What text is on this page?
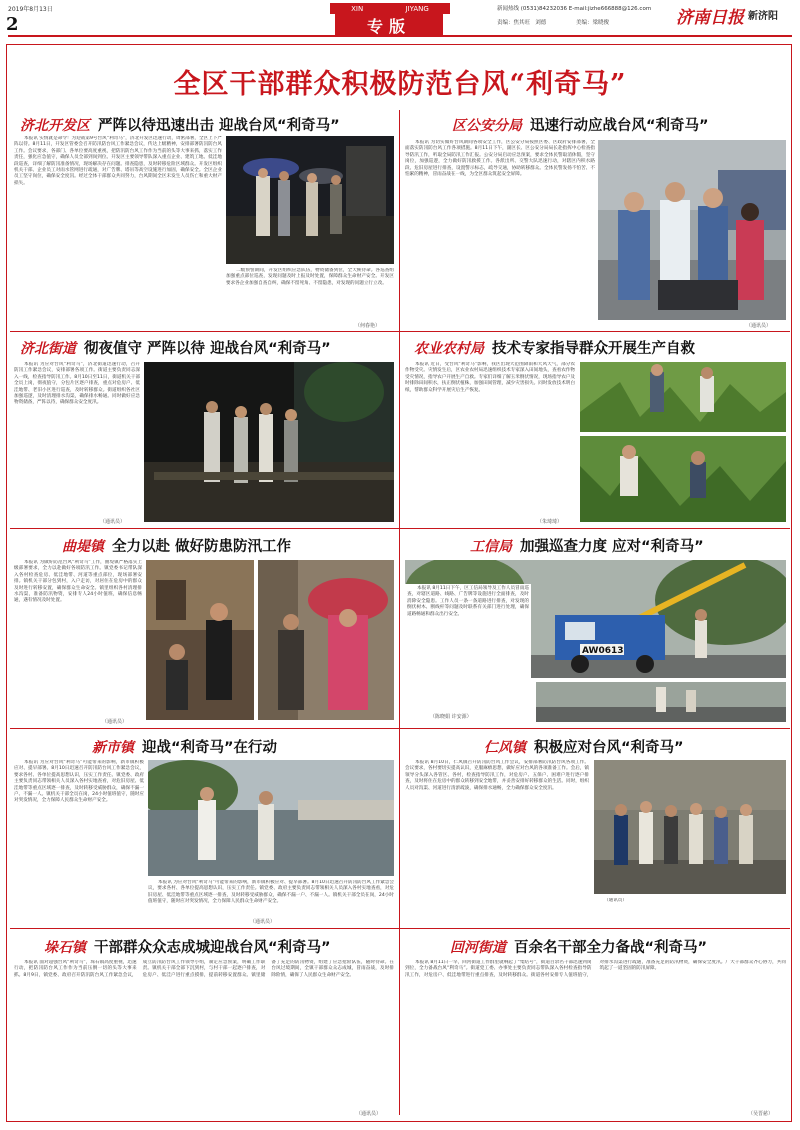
2019年8月13日
2
XIN	JIYANG
专版
新闻热线 (0531)84232036 E-mail:jizhe666888@126.com
责编：焦其旺   刘德                 美编：梁晓俊	济南日报 新济阳
全区干部群众积极防范台风“利奇马”
济北开发区 严阵以待迅速出击 迎战台风“利奇马”

本报讯 实情就是命令！为迎战第9号台风“利奇马”，济北开发区迅速行动，周密部署，全区上下严阵以待。8月11日，开发区管委会召开防汛防台风工作紧急会议，传达上级精神，安排部署防汛防台风工作。会议要求，各部门、各单位要高度重视，把防汛防台风工作作为当前的头等大事来抓，落实工作责任，强化应急值守，确保人员全部到岗到位。开发区主要领导带队深入重点企业、建筑工地、低洼地段巡查，详细了解防汛准备情况，现场解决存在问题。排查隐患，及时转移危险区域群众。开发区组织机关干部、企业员工对雨水管网进行疏通，对广告牌、塔吊等高空设施进行加固，确保安全。全区企业员工坚守岗位，确保安全度汛。经过全体干部群众共同努力，台风期间全区未发生人员伤亡和重大财产损失。

二级预警期间，开发区组织应急队伍，物资储备到位，全天候待命。各巡查组加强重点部位巡查，发现问题及时上报及时处置，保障群众生命财产安全。开发区要求各企业加强自查自纠，确保不留死角、不留隐患，对发现的问题立行立改。

（何春艳）
区公安分局 迅速行动应战台风“利奇马”

本报讯 为切实做好台风期间各项安全工作，区公安分局按照区委、区政府安排部署，全面落实防汛防台风工作各项措施。8月11日下午，副区长、区公安分局局长赴指挥中心检查指导防汛工作，听取全局防汛工作汇报。公安分局启动应急预案，要求全体民警取消休假，坚守岗位，加强巡逻，全力做好防汛救援工作。各派出所、交警大队迅速行动，对辖区内积水路段、危旧房屋进行排查，设置警示标志，疏导交通，协助转移群众。全体民警发扬不怕苦、不怕累的精神，冒雨奋战在一线，为全区群众筑起安全屏障。

（通讯员）
济北街道 彻夜值守 严阵以待 迎战台风“利奇马”

本报讯 为应对台风“利奇马”，济北街道迅速行动，召开防汛工作紧急会议，安排部署各项工作。街道主要负责同志深入一线，检查指导防汛工作。8月10日至11日，街道机关干部全员上岗，彻夜值守，分包片区逐户排查，重点对危房户、低洼地带、老旧小区进行巡查，及时转移群众。街道组织各社区加强巡逻，及时清理排水沟渠，确保排水畅通。同时做好应急物资储备，严阵以待，确保群众安全度汛。

（通讯员）
农业农村局 技术专家指导群众开展生产自救

本报讯 近日，受台风“利奇马”影响，我区出现大范围降雨和大风天气，部分农作物受灾。灾情发生后，区农业农村局迅速组织技术专家深入田间地头，查看农作物受灾情况，指导农户开展生产自救。专家们详细了解玉米倒伏情况，现场指导农户及时排除田间积水，扶正倒伏植株，加强田间管理，减少灾害损失。同时发放技术明白纸，帮助群众科学开展灾后生产恢复。

（朱琦琦）
曲堤镇 全力以赴 做好防患防汛工作

本报讯 为做好防范台风“利奇马”工作，曲堤镇严格落实上级部署要求，全力以赴做好各项防汛工作。镇党委书记带队深入各村检查危房、低洼地带、河道等重点部位，现场部署安排。镇机关干部分包到村，入户走访，对居住在危房中的群众及时进行转移安置，确保群众生命安全。镇里组织各村清理排水沟渠，准备防汛物资，安排专人24小时值班，确保信息畅通，遇有情况及时处置。

（通讯员）
工信局 加强巡查力度 应对“利奇马”
AW0613

本报讯 8月11日下午，区工信局领导及工作人员冒雨巡查，对辖区道路、线路、广告牌等设施进行全面排查，及时消除安全隐患。工作人员一条一条道路进行排查，对发现的倒伏树木、断线杆等问题及时联系有关部门进行处理，确保道路畅通和群众出行安全。

（陈晓娟 许安源）
新市镇 迎战“利奇马”在行动

本报讯 为应对台风“利奇马”可能带来的影响，新市镇积极应对、提早部署。8月10日迅速召开防汛防台风工作紧急会议，要求各村、各单位提高思想认识，压实工作责任。镇党委、政府主要负责同志带领相关人员深入各村实地查看，对危旧房屋、低洼地带等重点区域逐一排查，及时转移受威胁群众，确保不漏一户、不漏一人。镇机关干部全员在岗，24小时值班值守，随时应对突发情况，全力保障人民群众生命财产安全。

（通讯员）

本报讯 为应对台风“利奇马”可能带来的影响，新市镇积极应对、提早部署。8月10日迅速召开防汛防台风工作紧急会议，要求各村、各单位提高思想认识，压实工作责任。镇党委、政府主要负责同志带领相关人员深入各村实地查看，对危旧房屋、低洼地带等重点区域逐一排查，及时转移受威胁群众，确保不漏一户、不漏一人。镇机关干部全员在岗，24小时值班值守，随时应对突发情况，全力保障人民群众生命财产安全。

仁风镇 积极应对台风“利奇马”

本报讯 8月10日，仁风镇召开防汛防台风工作会议，安排部署防汛防台风各项工作。会议要求，各村要切实提高认识，克服麻痹思想，做好应对台风的各项准备工作。会后，镇领导分头深入各管区、各村，检查指导防汛工作，对危房户、五保户、困难户进行逐户排查，及时将住在危房中的群众转移到安全地带，并妥善安排好转移群众的生活。同时，组织人员对沟渠、河道进行清淤疏浚，确保排水通畅，全力确保群众安全度汛。

（通讯员）

垛石镇 干部群众众志成城迎战台风“利奇马”

本报讯 面对超强台风“利奇马”，垛石镇高度重视，迅速行动，把防汛防台风工作作为当前压倒一切的头等大事来抓。8月9日，镇党委、政府召开防汛防台风工作紧急会议，成立防汛防台风工作领导小组，制定应急预案，明确工作职责。镇机关干部全部下沉到村，与村干部一起逐户排查，对危房户、低洼户进行重点摸排，提前转移安置群众。镇里储备了充足的防汛物资，组建了应急抢险队伍，随时待命。在台风过境期间，全镇干部群众众志成城，冒雨奋战，及时排除险情，确保了人民群众生命财产安全。

（通讯员）
回河街道 百余名干部全力备战“利奇马”

本报讯 8月11日一早，回河街道工作群里就响起了“集结号”，街道百余名干部迅速到岗到位，全力备战台风“利奇马”。街道党工委、办事处主要负责同志带队深入各村检查指导防汛工作，对危房户、低洼地带进行重点排查，及时转移群众。街道各村安排专人值班值守，对排水沟渠进行疏通，准备充足的防汛物资，确保安全度汛。广大干部群众齐心协力，共同筑起了一道坚固的防汛屏障。

（吴晋慈）
